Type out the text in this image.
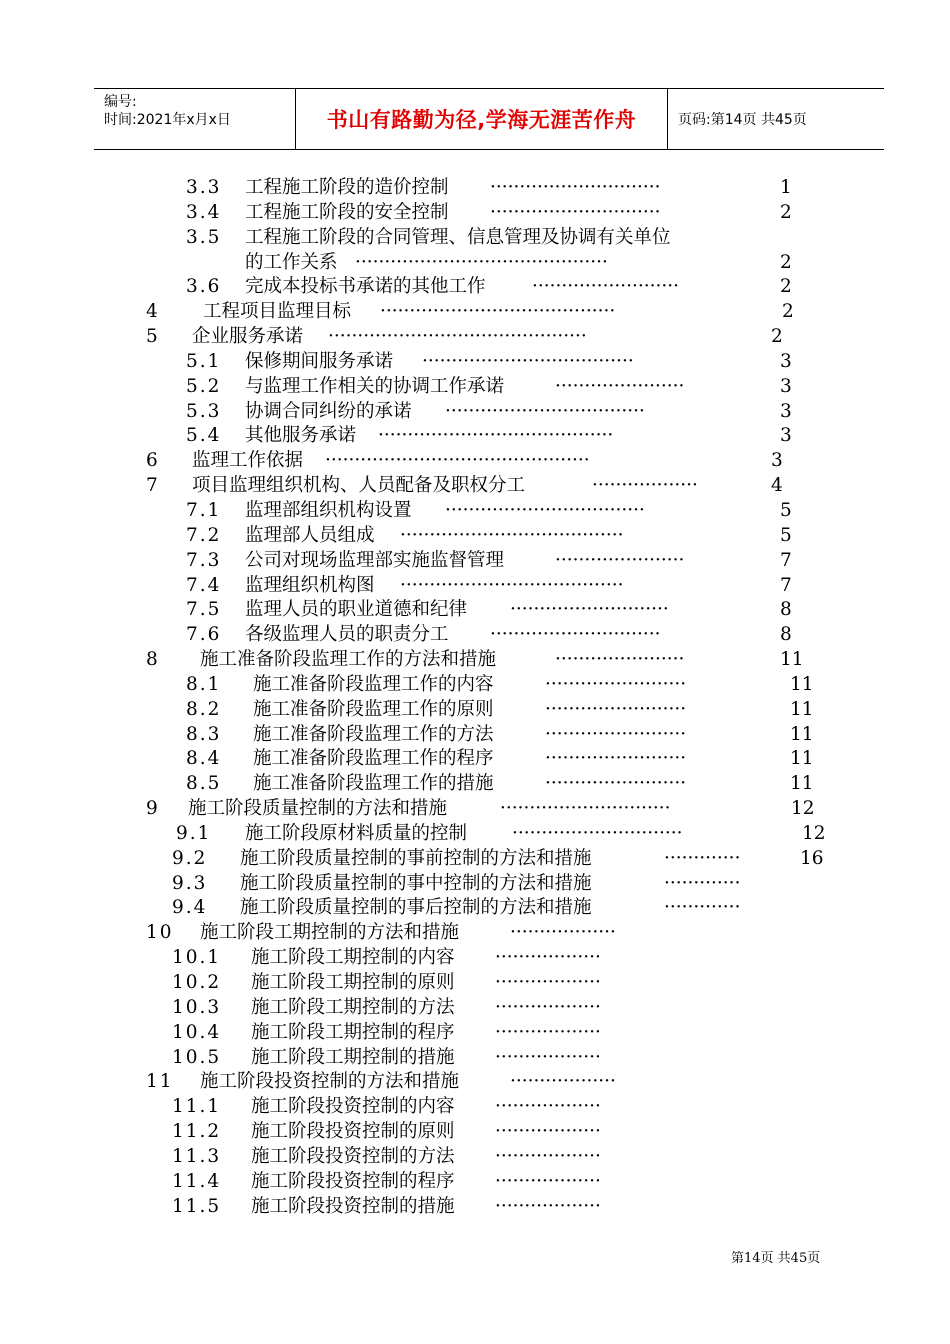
编号:
时间:2021年x月x日	书山有路勤为径,学海无涯苦作舟	页码:第14页 共45页
3.3 工程施工阶段的造价控制 ·····························	1
3.4 工程施工阶段的安全控制 ·····························	2
3.5 工程施工阶段的合同管理、信息管理及协调有关单位
的工作关系 ···········································	2
3.6 完成本投标书承诺的其他工作	·························	2
4 工程项目监理目标 ········································	2
5 企业服务承诺 ············································	2
5.1 保修期间服务承诺 ····································	3
5.2 与监理工作相关的协调工作承诺	······················	3
5.3 协调合同纠纷的承诺 ··································	3
5.4 其他服务承诺 ········································	3
6 监理工作依据 ·············································	3
7 项目监理组织机构、人员配备及职权分工	··················	4
7.1 监理部组织机构设置 ··································	5
7.2 监理部人员组成 ······································	5
7.3 公司对现场监理部实施监督管理	······················	7
7.4 监理组织机构图 ······································	7
7.5 监理人员的职业道德和纪律 ···························	8
7.6 各级监理人员的职责分工 ·····························	8
8 施工准备阶段监理工作的方法和措施	······················	11
8.1 施工准备阶段监理工作的内容	························	11
8.2 施工准备阶段监理工作的原则	························	11
8.3 施工准备阶段监理工作的方法	························	11
8.4 施工准备阶段监理工作的程序	························	11
8.5 施工准备阶段监理工作的措施	························	11
9 施工阶段质量控制的方法和措施	·····························	12
9.1 施工阶段原材料质量的控制 ·····························	12
9.2 施工阶段质量控制的事前控制的方法和措施	·············	16
9.3 施工阶段质量控制的事中控制的方法和措施	·············
9.4 施工阶段质量控制的事后控制的方法和措施	·············
10 施工阶段工期控制的方法和措施	··················
10.1 施工阶段工期控制的内容 ··················
10.2 施工阶段工期控制的原则 ··················
10.3 施工阶段工期控制的方法 ··················
10.4 施工阶段工期控制的程序 ··················
10.5 施工阶段工期控制的措施 ··················
11 施工阶段投资控制的方法和措施	··················
11.1 施工阶段投资控制的内容 ··················
11.2 施工阶段投资控制的原则 ··················
11.3 施工阶段投资控制的方法 ··················
11.4 施工阶段投资控制的程序 ··················
11.5 施工阶段投资控制的措施 ··················
第14页 共45页
